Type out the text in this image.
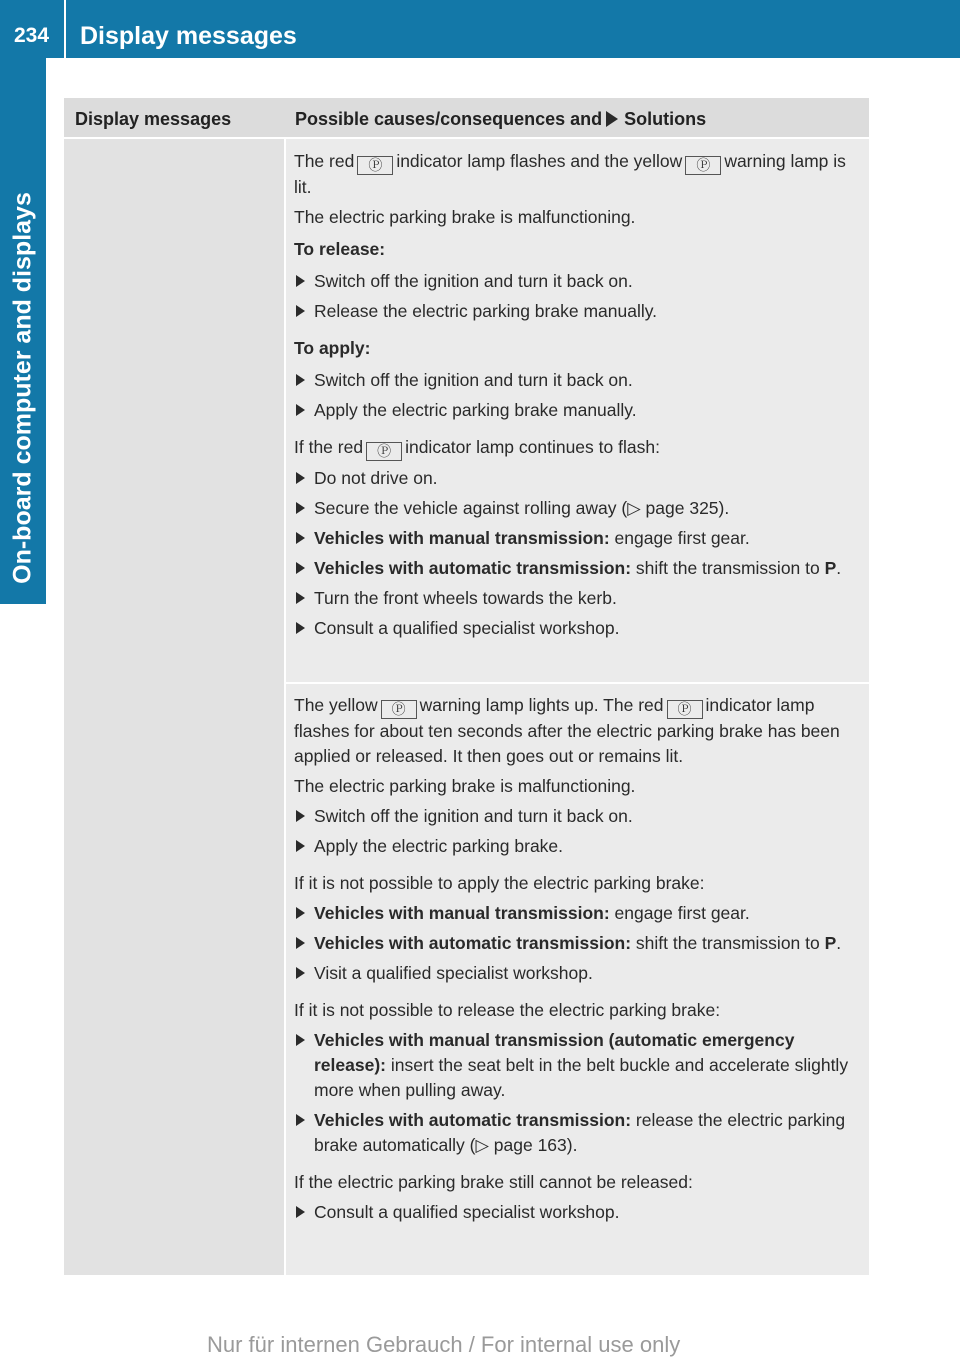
234 Display messages
On-board computer and displays
Display messages	Possible causes/consequences and Solutions
The red Ⓟ indicator lamp flashes and the yellow Ⓟ warning lamp is lit.
The electric parking brake is malfunctioning.
To release:
Switch off the ignition and turn it back on.
Release the electric parking brake manually.
To apply:
Switch off the ignition and turn it back on.
Apply the electric parking brake manually.
If the red Ⓟ indicator lamp continues to flash:
Do not drive on.
Secure the vehicle against rolling away (▷ page 325).
Vehicles with manual transmission: engage first gear.
Vehicles with automatic transmission: shift the transmission to P.
Turn the front wheels towards the kerb.
Consult a qualified specialist workshop.
The yellow Ⓟ warning lamp lights up. The red Ⓟ indicator lamp flashes for about ten seconds after the electric parking brake has been applied or released. It then goes out or remains lit.
The electric parking brake is malfunctioning.
Switch off the ignition and turn it back on.
Apply the electric parking brake.
If it is not possible to apply the electric parking brake:
Vehicles with manual transmission: engage first gear.
Vehicles with automatic transmission: shift the transmission to P.
Visit a qualified specialist workshop.
If it is not possible to release the electric parking brake:
Vehicles with manual transmission (automatic emergency release): insert the seat belt in the belt buckle and accelerate slightly more when pulling away.
Vehicles with automatic transmission: release the electric parking brake automatically (▷ page 163).
If the electric parking brake still cannot be released:
Consult a qualified specialist workshop.
Nur für internen Gebrauch / For internal use only
